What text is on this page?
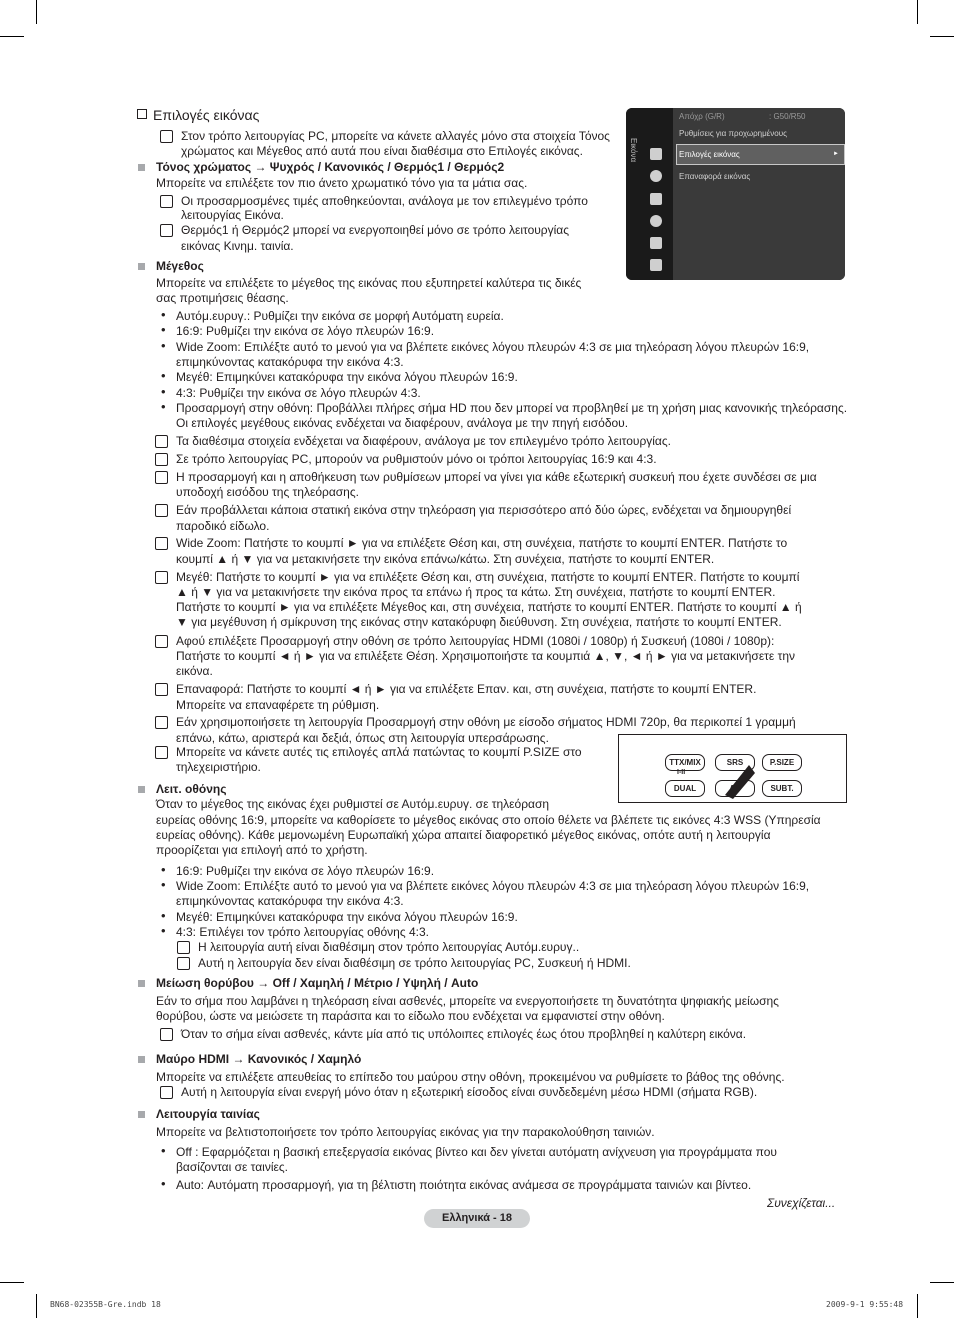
Επιλογές εικόνας
Εικόνα
Απόχρ (G/R)	: G50/R50
Ρυθμίσεις για προχωρημένους
Επιλογές εικόνας	►
Επαναφορά εικόνας
TTX/MIX	SRS	P.SIZE
DUAL	SUBT.
I-II
Στον τρόπο λειτουργίας PC, μπορείτε να κάνετε αλλαγές μόνο στα στοιχεία Τόνος
χρώματος και Μέγεθος από αυτά που είναι διαθέσιμα στο Επιλογές εικόνας.
Τόνος χρώματος → Ψυχρός / Κανονικός / Θερμός1 / Θερμός2
Μπορείτε να επιλέξετε τον πιο άνετο χρωματικό τόνο για τα μάτια σας.
Οι προσαρμοσμένες τιμές αποθηκεύονται, ανάλογα με τον επιλεγμένο τρόπο
λειτουργίας Εικόνα.
Θερμός1 ή Θερμός2 μπορεί να ενεργοποιηθεί μόνο σε τρόπο λειτουργίας
εικόνας Κινημ. ταινία.
Μέγεθος
Μπορείτε να επιλέξετε το μέγεθος της εικόνας που εξυπηρετεί καλύτερα τις δικές
σας προτιμήσεις θέασης.
Αυτόμ.ευρυγ.: Ρυθμίζει την εικόνα σε μορφή Αυτόματη ευρεία.
•
16:9: Ρυθμίζει την εικόνα σε λόγο πλευρών 16:9.
•
Wide Zoom: Επιλέξτε αυτό το μενού για να βλέπετε εικόνες λόγου πλευρών 4:3 σε μια τηλεόραση λόγου πλευρών 16:9,
•
επιμηκύνοντας κατακόρυφα την εικόνα 4:3.
Μεγέθ: Επιμηκύνει κατακόρυφα την εικόνα λόγου πλευρών 16:9.
•
4:3: Ρυθμίζει την εικόνα σε λόγο πλευρών 4:3.
•
Προσαρμογή στην οθόνη: Προβάλλει πλήρες σήμα HD που δεν μπορεί να προβληθεί με τη χρήση μιας κανονικής τηλεόρασης.
•
Οι επιλογές μεγέθους εικόνας ενδέχεται να διαφέρουν, ανάλογα με την πηγή εισόδου.
Τα διαθέσιμα στοιχεία ενδέχεται να διαφέρουν, ανάλογα με τον επιλεγμένο τρόπο λειτουργίας.
Σε τρόπο λειτουργίας PC, μπορούν να ρυθμιστούν μόνο οι τρόποι λειτουργίας 16:9 και 4:3.
Η προσαρμογή και η αποθήκευση των ρυθμίσεων μπορεί να γίνει για κάθε εξωτερική συσκευή που έχετε συνδέσει σε μια
υποδοχή εισόδου της τηλεόρασης.
Εάν προβάλλεται κάποια στατική εικόνα στην τηλεόραση για περισσότερο από δύο ώρες, ενδέχεται να δημιουργηθεί
παροδικό είδωλο.
Wide Zoom: Πατήστε το κουμπί ► για να επιλέξετε Θέση και, στη συνέχεια, πατήστε το κουμπί ENTER. Πατήστε το
κουμπί ▲ ή ▼ για να μετακινήσετε την εικόνα επάνω/κάτω. Στη συνέχεια, πατήστε το κουμπί ENTER.
Μεγέθ: Πατήστε το κουμπί ► για να επιλέξετε Θέση και, στη συνέχεια, πατήστε το κουμπί ENTER. Πατήστε το κουμπί
▲ ή ▼ για να μετακινήσετε την εικόνα προς τα επάνω ή προς τα κάτω. Στη συνέχεια, πατήστε το κουμπί ENTER.
Πατήστε το κουμπί ► για να επιλέξετε Μέγεθος και, στη συνέχεια, πατήστε το κουμπί ENTER. Πατήστε το κουμπί ▲ ή
▼ για μεγέθυνση ή σμίκρυνση της εικόνας στην κατακόρυφη διεύθυνση. Στη συνέχεια, πατήστε το κουμπί ENTER.
Αφού επιλέξετε Προσαρμογή στην οθόνη σε τρόπο λειτουργίας HDMI (1080i / 1080p) ή Συσκευή (1080i / 1080p):
Πατήστε το κουμπί ◄ ή ► για να επιλέξετε Θέση. Χρησιμοποιήστε τα κουμπιά ▲, ▼, ◄ ή ► για να μετακινήσετε την
εικόνα.
Επαναφορά: Πατήστε το κουμπί ◄ ή ► για να επιλέξετε Επαν. και, στη συνέχεια, πατήστε το κουμπί ENTER.
Μπορείτε να επαναφέρετε τη ρύθμιση.
Εάν χρησιμοποιήσετε τη λειτουργία Προσαρμογή στην οθόνη με είσοδο σήματος HDMI 720p, θα περικοπεί 1 γραμμή
επάνω, κάτω, αριστερά και δεξιά, όπως στη λειτουργία υπερσάρωσης.
Μπορείτε να κάνετε αυτές τις επιλογές απλά πατώντας το κουμπί P.SIZE στο
τηλεχειριστήριο.
Λειτ. οθόνης
Όταν το μέγεθος της εικόνας έχει ρυθμιστεί σε Αυτόμ.ευρυγ. σε τηλεόραση
ευρείας οθόνης 16:9, μπορείτε να καθορίσετε το μέγεθος εικόνας στο οποίο θέλετε να βλέπετε τις εικόνες 4:3 WSS (Υπηρεσία
ευρείας οθόνης). Κάθε μεμονωμένη Ευρωπαϊκή χώρα απαιτεί διαφορετικό μέγεθος εικόνας, οπότε αυτή η λειτουργία
προορίζεται για επιλογή από το χρήστη.
16:9: Ρυθμίζει την εικόνα σε λόγο πλευρών 16:9.
•
Wide Zoom: Επιλέξτε αυτό το μενού για να βλέπετε εικόνες λόγου πλευρών 4:3 σε μια τηλεόραση λόγου πλευρών 16:9,
•
επιμηκύνοντας κατακόρυφα την εικόνα 4:3.
Μεγέθ: Επιμηκύνει κατακόρυφα την εικόνα λόγου πλευρών 16:9.
•
4:3: Επιλέγει τον τρόπο λειτουργίας οθόνης 4:3.
•
Η λειτουργία αυτή είναι διαθέσιμη στον τρόπο λειτουργίας Αυτόμ.ευρυγ..
Αυτή η λειτουργία δεν είναι διαθέσιμη σε τρόπο λειτουργίας PC, Συσκευή ή HDMI.
Μείωση θορύβου → Off / Χαμηλή / Μέτριο / Υψηλή / Auto
Εάν το σήμα που λαμβάνει η τηλεόραση είναι ασθενές, μπορείτε να ενεργοποιήσετε τη δυνατότητα ψηφιακής μείωσης
θορύβου, ώστε να μειώσετε τη παράσιτα και το είδωλο που ενδέχεται να εμφανιστεί στην οθόνη.
Όταν το σήμα είναι ασθενές, κάντε μία από τις υπόλοιπες επιλογές έως ότου προβληθεί η καλύτερη εικόνα.
Μαύρο HDMI → Κανονικός / Χαμηλό
Μπορείτε να επιλέξετε απευθείας το επίπεδο του μαύρου στην οθόνη, προκειμένου να ρυθμίσετε το βάθος της οθόνης.
Αυτή η λειτουργία είναι ενεργή μόνο όταν η εξωτερική είσοδος είναι συνδεδεμένη μέσω HDMI (σήματα RGB).
Λειτουργία ταινίας
Μπορείτε να βελτιστοποιήσετε τον τρόπο λειτουργίας εικόνας για την παρακολούθηση ταινιών.
Off : Εφαρμόζεται η βασική επεξεργασία εικόνας βίντεο και δεν γίνεται αυτόματη ανίχνευση για προγράμματα που
•
βασίζονται σε ταινίες.
Auto: Αυτόματη προσαρμογή, για τη βέλτιστη ποιότητα εικόνας ανάμεσα σε προγράμματα ταινιών και βίντεο.
•
Συνεχίζεται...
Ελληνικά - 18
BN68-02355B-Gre.indb 18	2009-9-1 9:55:48
